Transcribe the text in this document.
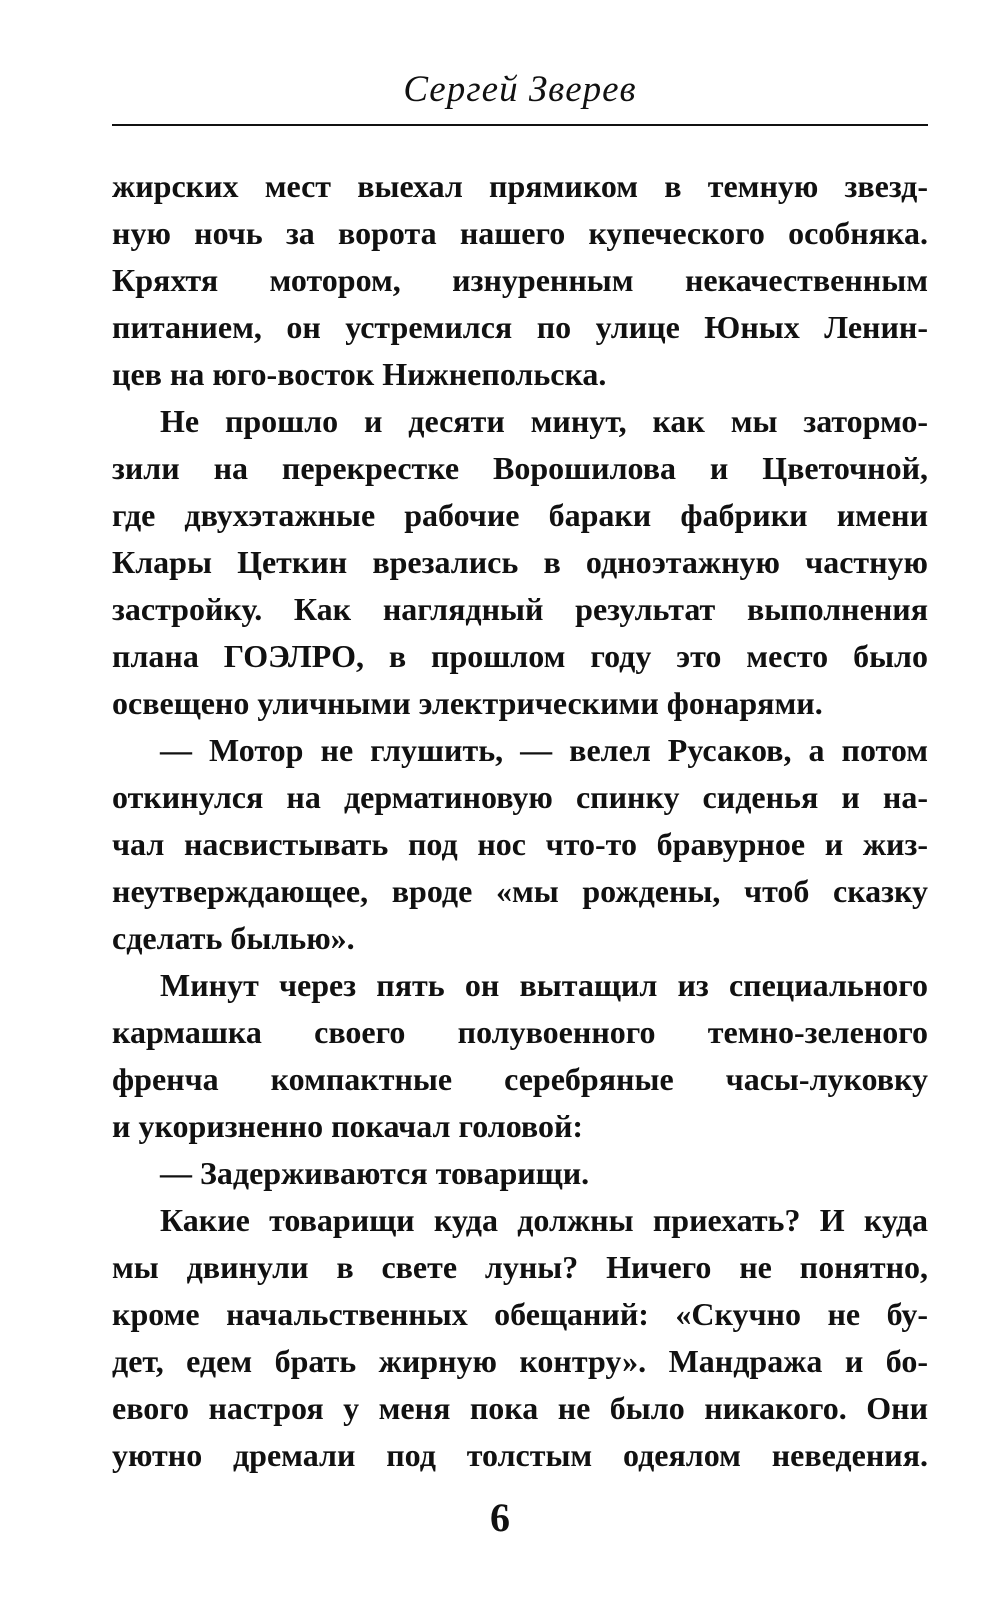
Сергей Зверев
жирских мест выехал прямиком в темную звезд-
ную ночь за ворота нашего купеческого особняка.
Кряхтя мотором, изнуренным некачественным
питанием, он устремился по улице Юных Ленин-
цев на юго-восток Нижнепольска.
Не прошло и десяти минут, как мы затормо-
зили на перекрестке Ворошилова и Цветочной,
где двухэтажные рабочие бараки фабрики имени
Клары Цеткин врезались в одноэтажную частную
застройку. Как наглядный результат выполнения
плана ГОЭЛРО, в прошлом году это место было
освещено уличными электрическими фонарями.
— Мотор не глушить, — велел Русаков, а потом
откинулся на дерматиновую спинку сиденья и на-
чал насвистывать под нос что-то бравурное и жиз-
неутверждающее, вроде «мы рождены, чтоб сказку
сделать былью».
Минут через пять он вытащил из специального
кармашка своего полувоенного темно-зеленого
френча компактные серебряные часы-луковку
и укоризненно покачал головой:
— Задерживаются товарищи.
Какие товарищи куда должны приехать? И куда
мы двинули в свете луны? Ничего не понятно,
кроме начальственных обещаний: «Скучно не бу-
дет, едем брать жирную контру». Мандража и бо-
евого настроя у меня пока не было никакого. Они
уютно дремали под толстым одеялом неведения.
6
